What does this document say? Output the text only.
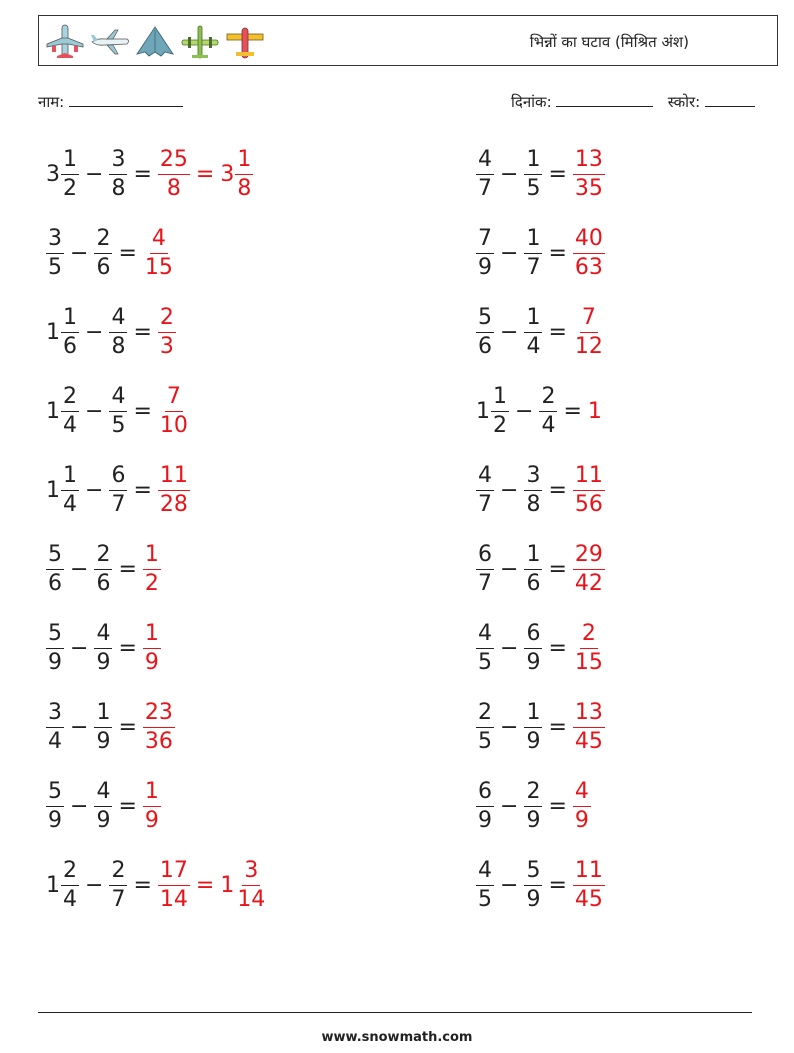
भिन्नों का घटाव (मिश्रित अंश)
नाम:	दिनांक:	स्कोर:
$3 \frac{1}{2} - \frac{3}{8} = \frac{25}{8} = 3 \frac{1}{8}$	$\frac{4}{7} - \frac{1}{5} = \frac{13}{35}$
$\frac{3}{5} - \frac{2}{6} = \frac{4}{15}$	$\frac{7}{9} - \frac{1}{7} = \frac{40}{63}$
$1 \frac{1}{6} - \frac{4}{8} = \frac{2}{3}$	$\frac{5}{6} - \frac{1}{4} = \frac{7}{12}$
$1 \frac{2}{4} - \frac{4}{5} = \frac{7}{10}$	$1 \frac{1}{2} - \frac{2}{4} = 1$
$1 \frac{1}{4} - \frac{6}{7} = \frac{11}{28}$	$\frac{4}{7} - \frac{3}{8} = \frac{11}{56}$
$\frac{5}{6} - \frac{2}{6} = \frac{1}{2}$	$\frac{6}{7} - \frac{1}{6} = \frac{29}{42}$
$\frac{5}{9} - \frac{4}{9} = \frac{1}{9}$	$\frac{4}{5} - \frac{6}{9} = \frac{2}{15}$
$\frac{3}{4} - \frac{1}{9} = \frac{23}{36}$	$\frac{2}{5} - \frac{1}{9} = \frac{13}{45}$
$\frac{5}{9} - \frac{4}{9} = \frac{1}{9}$	$\frac{6}{9} - \frac{2}{9} = \frac{4}{9}$
$1 \frac{2}{4} - \frac{2}{7} = \frac{17}{14} = 1 \frac{3}{14}$	$\frac{4}{5} - \frac{5}{9} = \frac{11}{45}$
www.snowmath.com
